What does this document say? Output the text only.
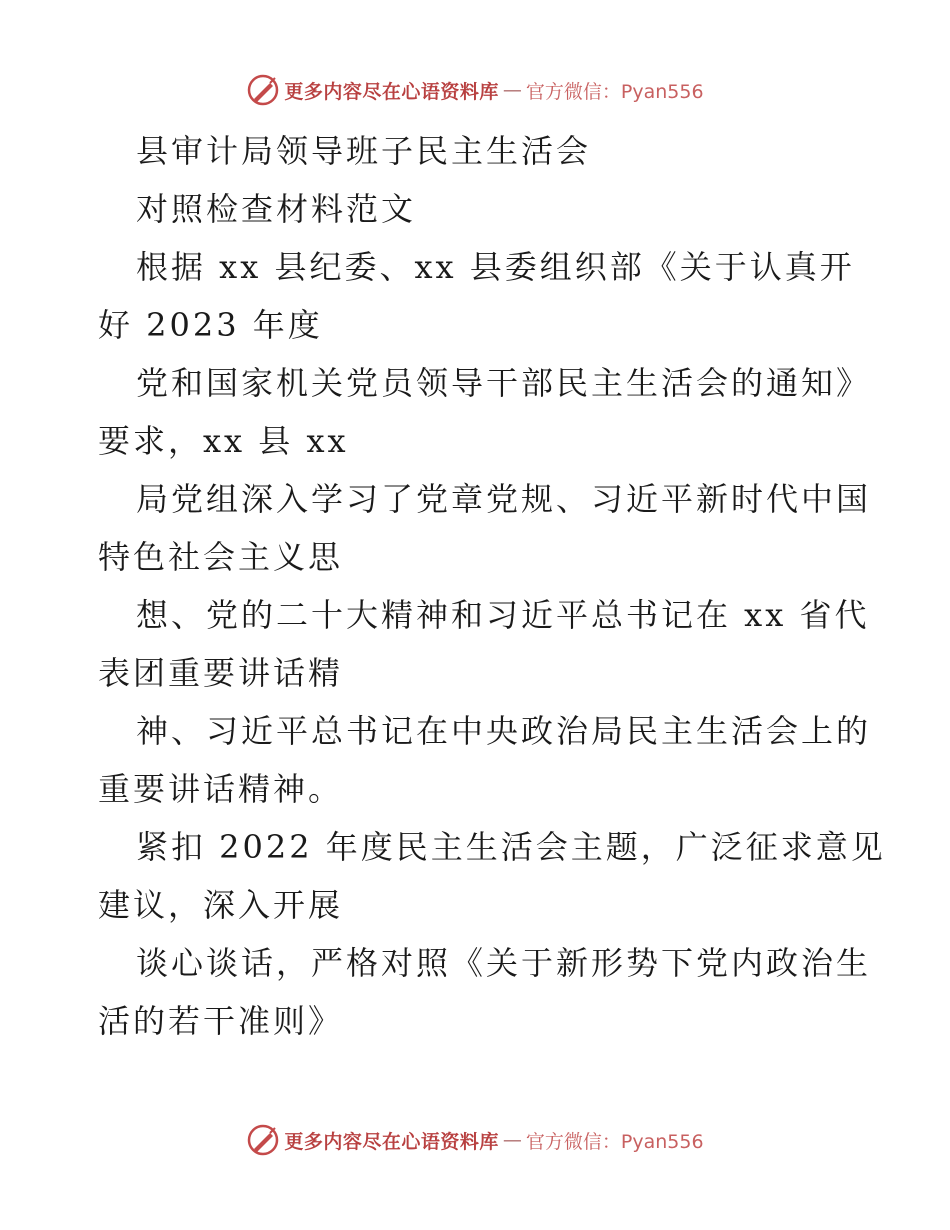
更多内容尽在心语资料库 — 官方微信：Pyan556
县审计局领导班子民主生活会
对照检查材料范文
根据 xx 县纪委、xx 县委组织部《关于认真开
好 2023 年度
党和国家机关党员领导干部民主生活会的通知》
要求，xx 县 xx
局党组深入学习了党章党规、习近平新时代中国
特色社会主义思
想、党的二十大精神和习近平总书记在 xx 省代
表团重要讲话精
神、习近平总书记在中央政治局民主生活会上的
重要讲话精神。
紧扣 2022 年度民主生活会主题，广泛征求意见
建议，深入开展
谈心谈话，严格对照《关于新形势下党内政治生
活的若干准则》
更多内容尽在心语资料库 — 官方微信：Pyan556
